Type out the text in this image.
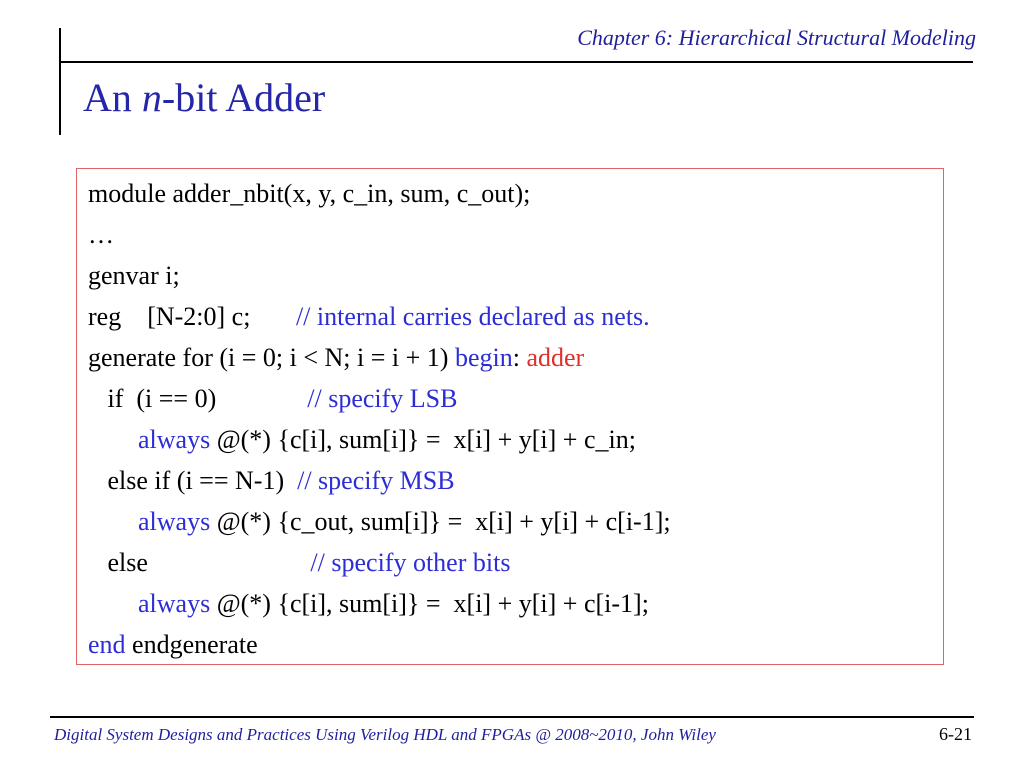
Chapter 6: Hierarchical Structural Modeling
An n-bit Adder
module adder_nbit(x, y, c_in, sum, c_out);
…
genvar i;
reg    [N-2:0] c;       // internal carries declared as nets.
generate for (i = 0; i < N; i = i + 1) begin: adder
if  (i == 0)              // specify LSB
always @(*) {c[i], sum[i]} =  x[i] + y[i] + c_in;
else if (i == N-1)  // specify MSB
always @(*) {c_out, sum[i]} =  x[i] + y[i] + c[i-1];
else                         // specify other bits
always @(*) {c[i], sum[i]} =  x[i] + y[i] + c[i-1];
end endgenerate
Digital System Designs and Practices Using Verilog HDL and FPGAs @ 2008~2010, John Wiley	6-21
